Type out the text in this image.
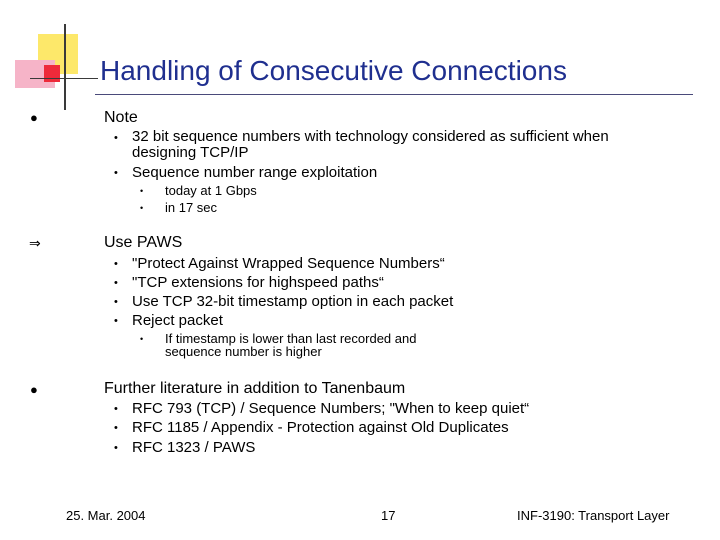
Handling of Consecutive Connections
●	Note
• 32 bit sequence numbers with technology considered as sufficient when designing TCP/IP
• Sequence number range exploitation
• today at 1 Gbps
• in 17 sec
⇒	Use PAWS
• "Protect Against Wrapped Sequence Numbers“
• "TCP extensions for highspeed paths“
• Use TCP 32-bit timestamp option in each packet
• Reject packet
• If timestamp is lower than last recorded and sequence number is higher
●	Further literature in addition to Tanenbaum
• RFC 793 (TCP) / Sequence Numbers; "When to keep quiet“
• RFC 1185 / Appendix - Protection against Old Duplicates
• RFC 1323 / PAWS
25. Mar. 2004	17	INF-3190: Transport Layer
